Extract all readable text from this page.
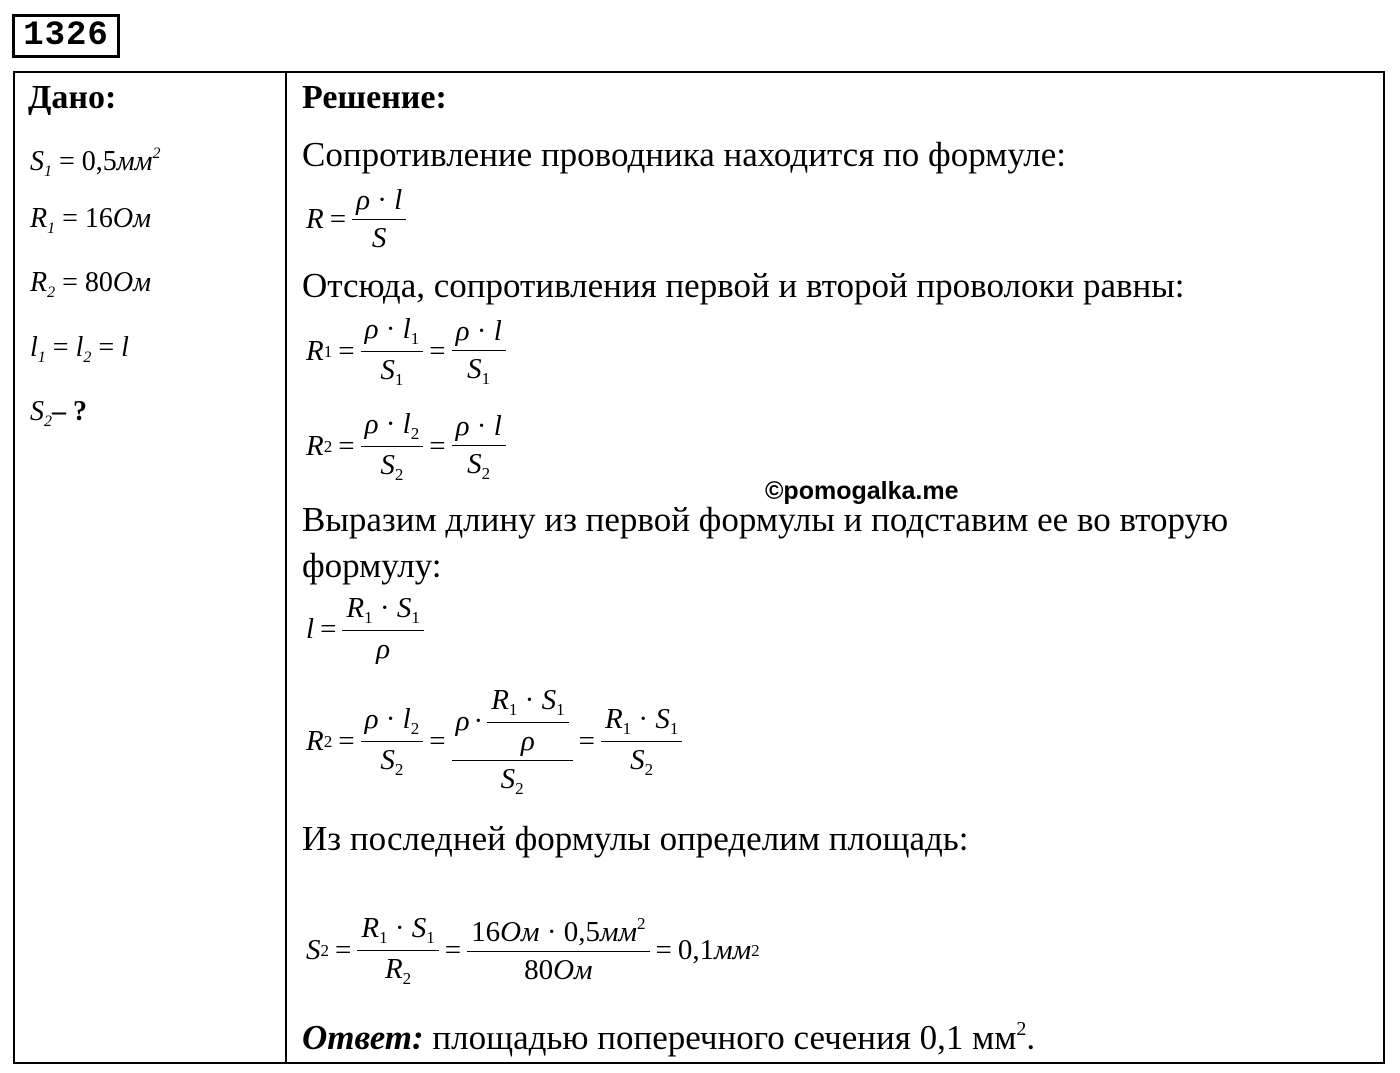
1326
Дано:	Решение:
$S_1 = 0,5мм^2$
$R_1 = 16Ом$
$R_2 = 80Ом$
$l_1 = l_2 = l$
$S_2-$ ?
Сопротивление проводника находится по формуле:
$R = \frac{\rho \cdot l}{S}$
Отсюда, сопротивления первой и второй проволоки равны:
R $1 = \frac{\rho \cdot l_1}{S_1} = \frac{\rho \cdot l}{S_1}$
R $2 = \frac{\rho \cdot l_2}{S_2} = \frac{\rho \cdot l}{S_2}$
©pomogalka.me
Выразим длину из первой формулы и подставим ее во вторую
формулу:
$l = \frac{R_1 \cdot S_1}{\rho}$
R $2 = \frac{\rho \cdot l_2}{S_2} = \frac{\rho \cdot \frac{R_1 \cdot S_1}{\rho}}{S_2} = \frac{R_1 \cdot S_1}{S_2}$
Из последней формулы определим площадь:
S $2 = \frac{R_1 \cdot S_1}{R_2} = \frac{16Ом \cdot 0,5мм^2}{80Ом} = 0,1$ мм 2
Ответ: площадью поперечного сечения 0,1 $мм^2$.
